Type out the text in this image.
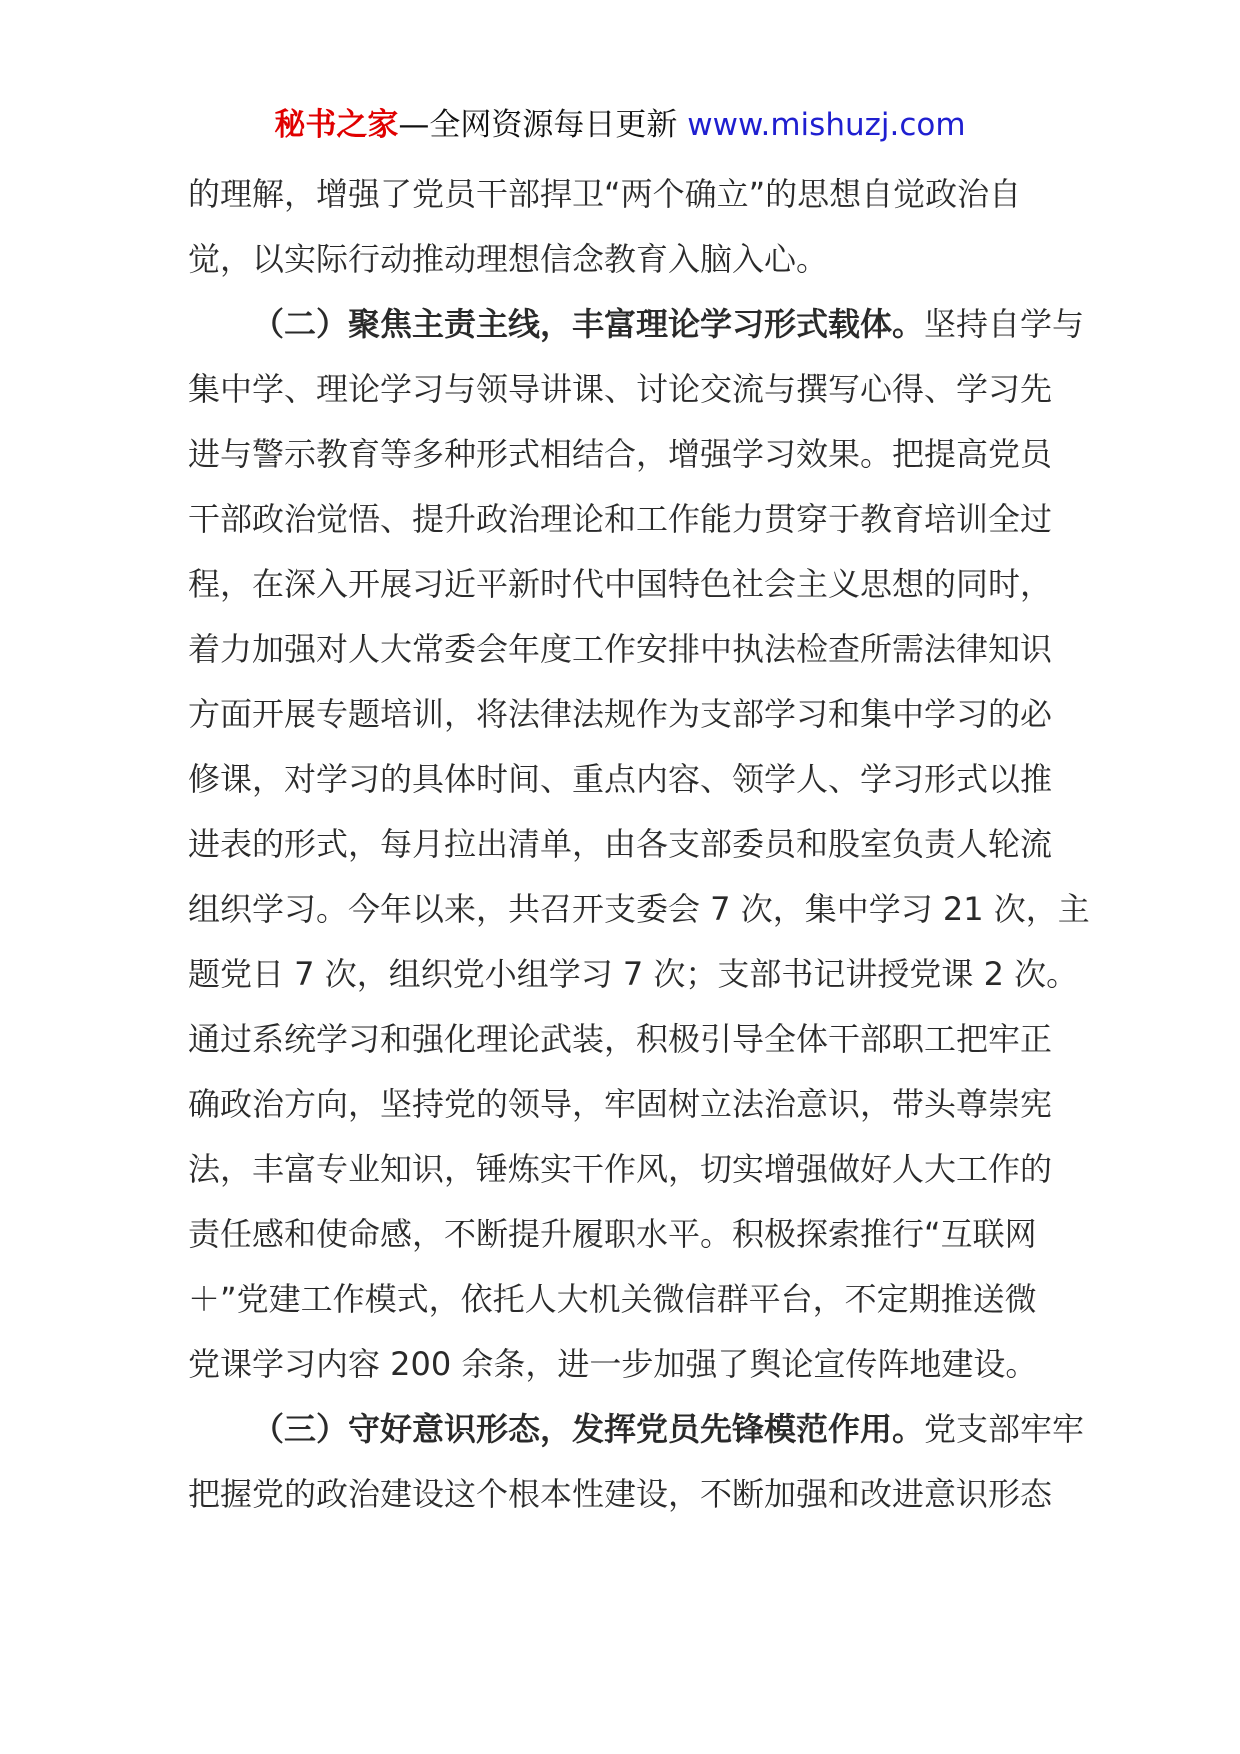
秘书之家—全网资源每日更新 www.mishuzj.com

的理解，增强了党员干部捍卫“两个确立”的思想自觉政治自
觉，以实际行动推动理想信念教育入脑入心。

（二）聚焦主责主线，丰富理论学习形式载体。坚持自学与
集中学、理论学习与领导讲课、讨论交流与撰写心得、学习先
进与警示教育等多种形式相结合，增强学习效果。把提高党员
干部政治觉悟、提升政治理论和工作能力贯穿于教育培训全过
程，在深入开展习近平新时代中国特色社会主义思想的同时，
着力加强对人大常委会年度工作安排中执法检查所需法律知识
方面开展专题培训，将法律法规作为支部学习和集中学习的必
修课，对学习的具体时间、重点内容、领学人、学习形式以推
进表的形式，每月拉出清单，由各支部委员和股室负责人轮流
组织学习。今年以来，共召开支委会 7 次，集中学习 21 次，主
题党日 7 次，组织党小组学习 7 次；支部书记讲授党课 2 次。
通过系统学习和强化理论武装，积极引导全体干部职工把牢正
确政治方向，坚持党的领导，牢固树立法治意识，带头尊崇宪
法，丰富专业知识，锤炼实干作风，切实增强做好人大工作的
责任感和使命感，不断提升履职水平。积极探索推行“互联网
＋”党建工作模式，依托人大机关微信群平台，不定期推送微
党课学习内容 200 余条，进一步加强了舆论宣传阵地建设。

（三）守好意识形态，发挥党员先锋模范作用。党支部牢牢
把握党的政治建设这个根本性建设，不断加强和改进意识形态
